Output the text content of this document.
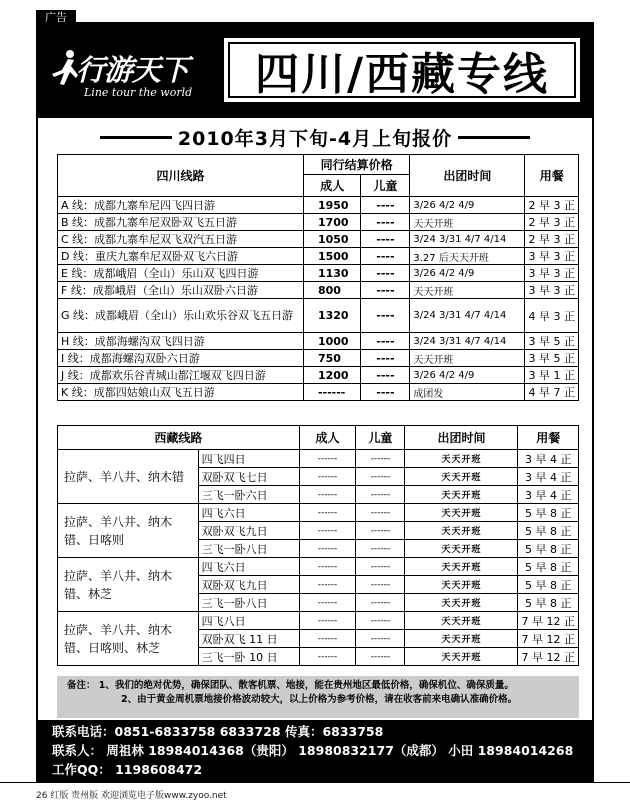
广告
行游天下
Line tour the world 四川/西藏专线
2010年3月下旬-4月上旬报价
四川线路	同行结算价格		出团时间	用餐
	成人	儿童		
A 线：成都九寨牟尼四飞四日游	1950	----	3/26 4/2 4/9	2 早 3 正
B 线：成都九寨牟尼双卧双飞五日游	1700	----	天天开班	2 早 3 正
C 线：成都九寨牟尼双飞双汽五日游	1050	----	3/24 3/31 4/7 4/14	2 早 3 正
D 线：重庆九寨牟尼双卧双飞六日游	1500	----	3.27 后天天开班	3 早 3 正
E 线：成都峨眉（全山）乐山双飞四日游	1130	----	3/26 4/2 4/9	3 早 3 正
F 线：成都峨眉（全山）乐山双卧六日游	800	----	天天开班	3 早 3 正
G 线：成都峨眉（全山）乐山欢乐谷双飞五日游	1320	----	3/24 3/31 4/7 4/14	4 早 3 正
H 线：成都海螺沟双飞四日游	1000	----	3/24 3/31 4/7 4/14	3 早 5 正
I 线：成都海螺沟双卧六日游	750	----	天天开班	3 早 5 正
J 线：成都欢乐谷青城山都江堰双飞四日游	1200	----	3/26 4/2 4/9	3 早 1 正
K 线：成都四姑娘山双飞五日游	------	----	成团发	4 早 7 正
西藏线路		成人	儿童	出团时间	用餐
拉萨、羊八井、纳木错	四飞四日	------	------	天天开班	3 早 4 正
	双卧双飞七日	------	------	天天开班	3 早 4 正
	三飞一卧六日	------	------	天天开班	3 早 4 正
拉萨、羊八井、纳木错、日喀则	四飞六日	------	------	天天开班	5 早 8 正
	双卧双飞九日	------	------	天天开班	5 早 8 正
	三飞一卧八日	------	------	天天开班	5 早 8 正
拉萨、羊八井、纳木错、林芝	四飞六日	------	------	天天开班	5 早 8 正
	双卧双飞九日	------	------	天天开班	5 早 8 正
	三飞一卧八日	------	------	天天开班	5 早 8 正
拉萨、羊八井、纳木错、日喀则、林芝	四飞八日	------	------	天天开班	7 早 12 正
	双卧双飞 11 日	------	------	天天开班	7 早 12 正
	三飞一卧 10 日	------	------	天天开班	7 早 12 正
备注： 1、我们的绝对优势，确保团队、散客机票、地接，能在贵州地区最低价格，确保机位、确保质量。
2、由于黄金周机票地接价格波动较大，以上价格为参考价格，请在收客前来电确认准确价格。
联系电话：0851-6833758 6833728 传真：6833758
联系人： 周祖林 18984014368（贵阳） 18980832177（成都） 小田 18984014268
工作QQ： 1198608472
26 红版 贵州版 欢迎浏览电子版www.zyoo.net
